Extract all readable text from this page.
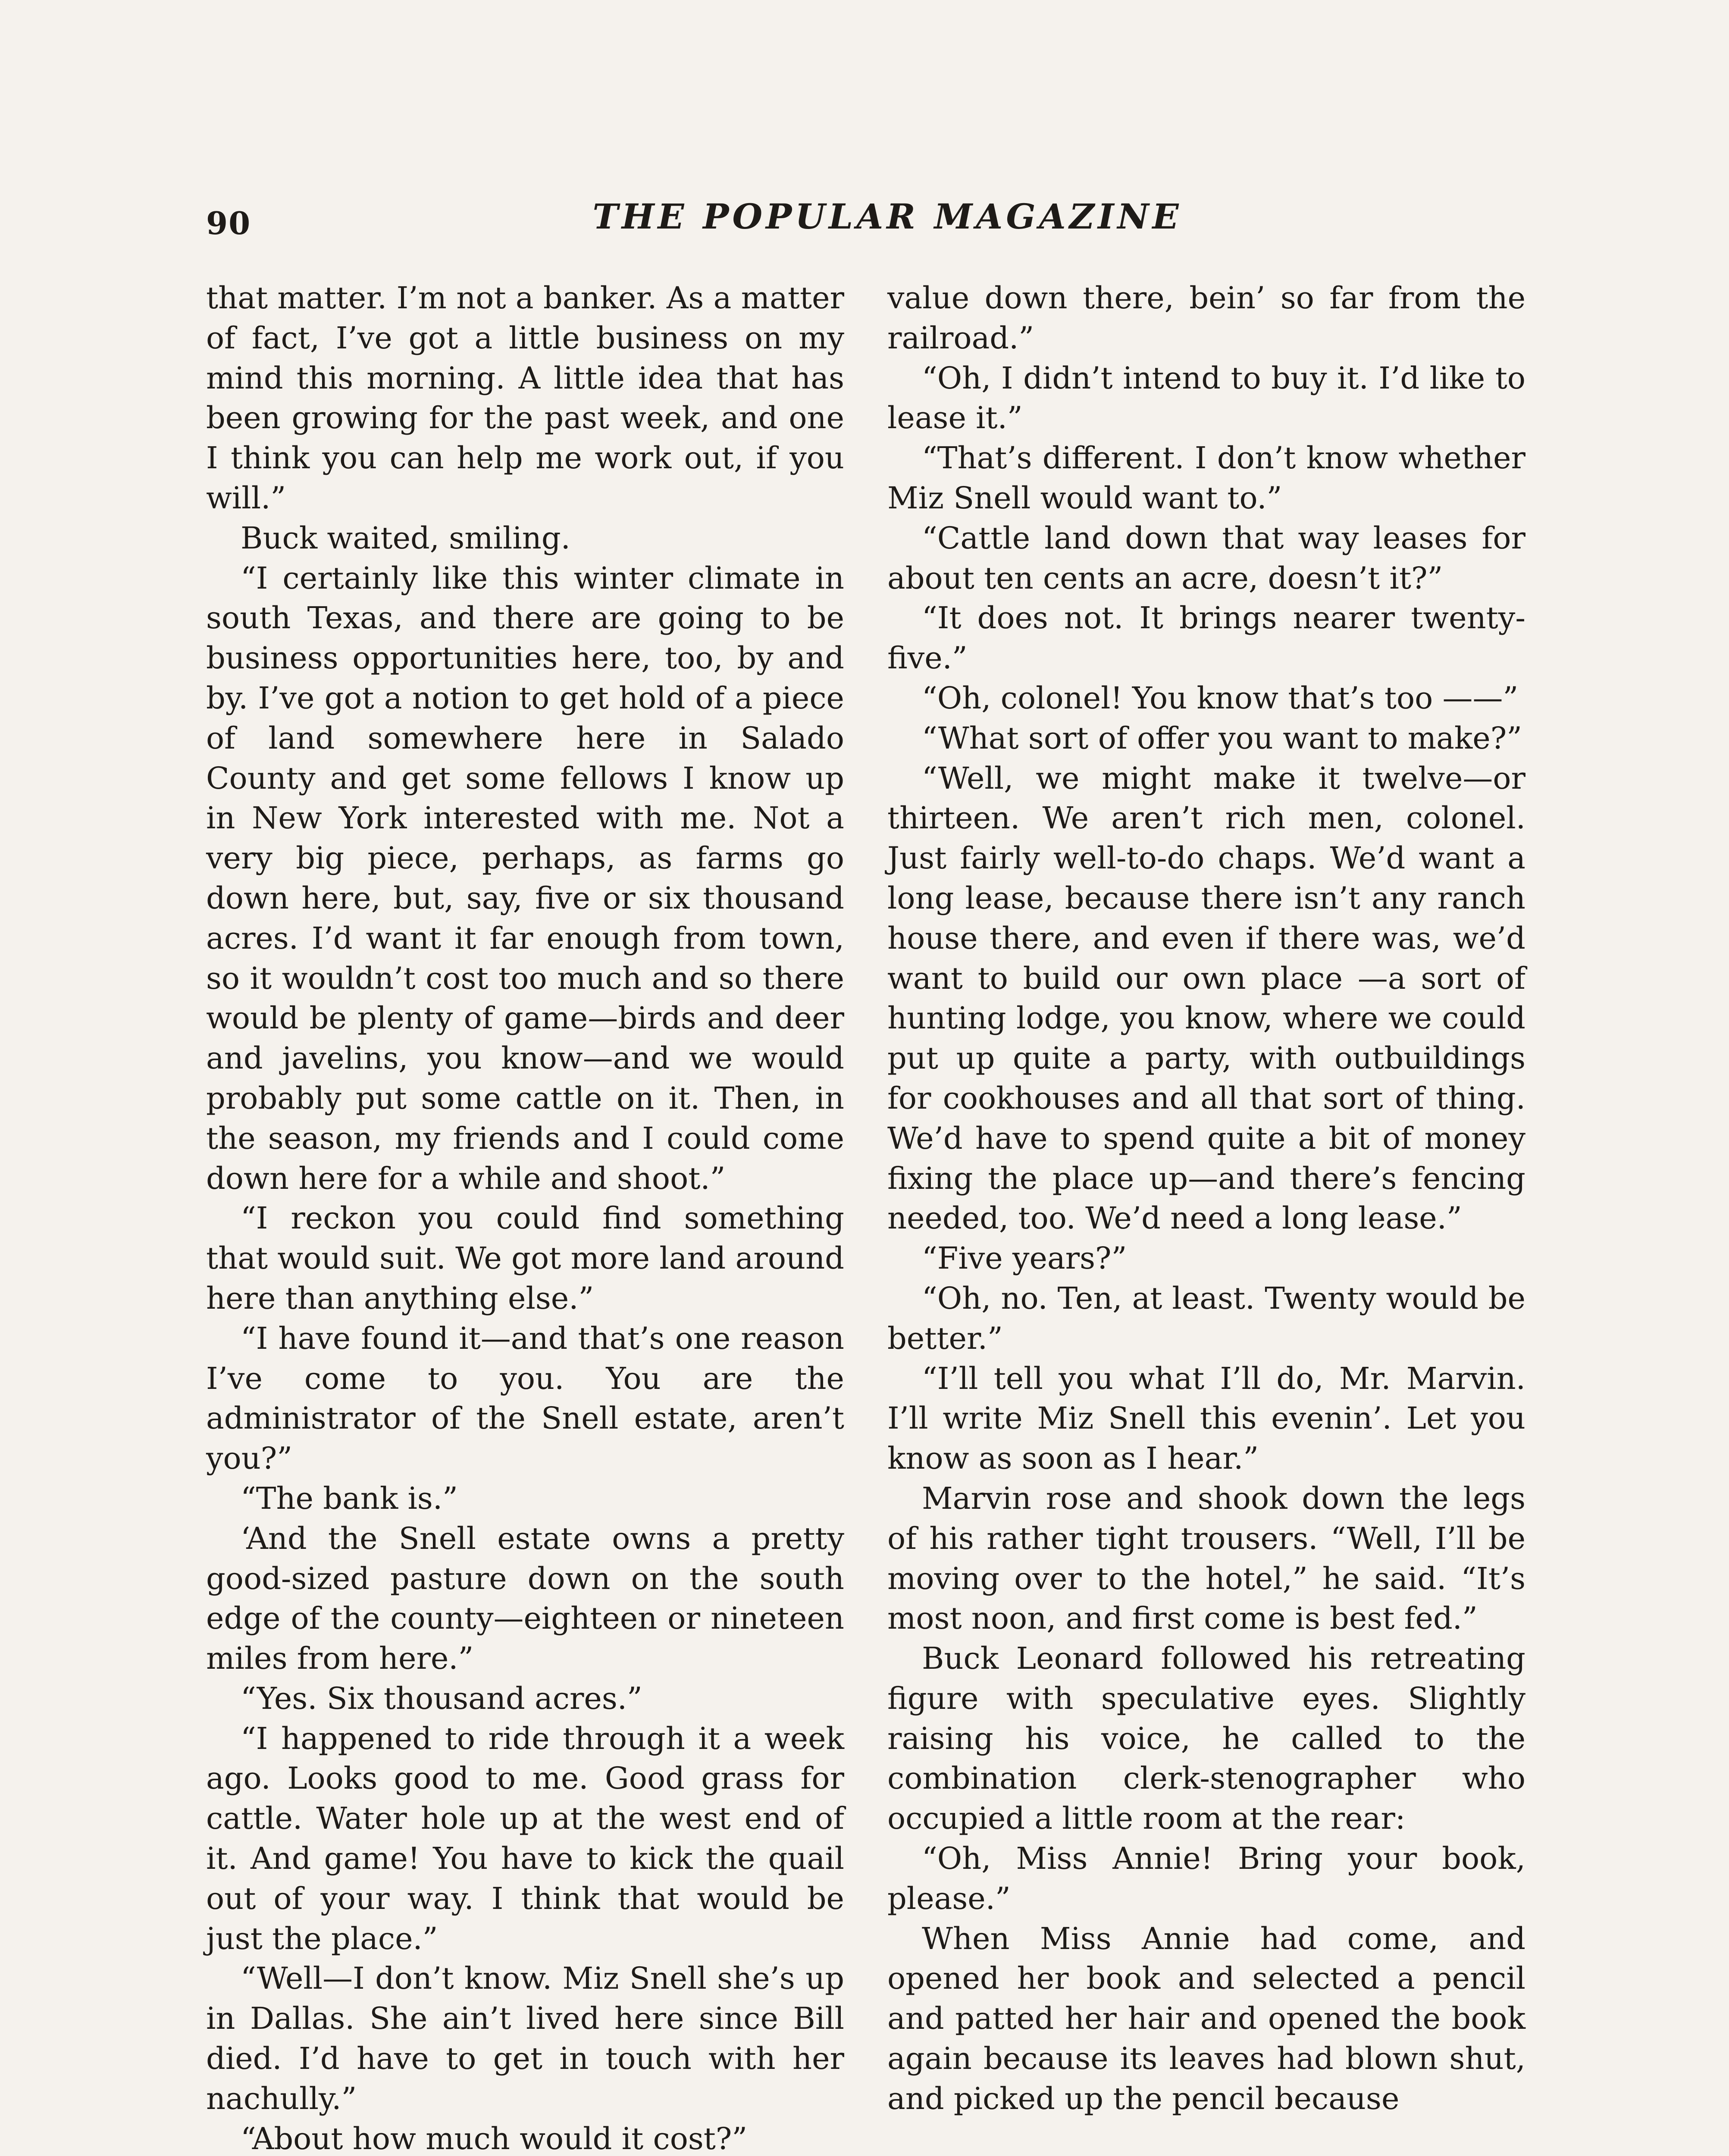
90	THE POPULAR MAGAZINE

that matter. I’m not a banker. As a matter of fact, I’ve got a little business on my mind this morning. A little idea that has been growing for the past week, and one I think you can help me work out, if you will.”

Buck waited, smiling.

“I certainly like this winter climate in south Texas, and there are going to be business opportunities here, too, by and by. I’ve got a notion to get hold of a piece of land somewhere here in Salado County and get some fellows I know up in New York interested with me. Not a very big piece, perhaps, as farms go down here, but, say, five or six thousand acres. I’d want it far enough from town, so it wouldn’t cost too much and so there would be plenty of game—birds and deer and javelins, you know—and we would probably put some cattle on it. Then, in the season, my friends and I could come down here for a while and shoot.”

“I reckon you could find something that would suit. We got more land around here than anything else.”

“I have found it—and that’s one reason I’ve come to you. You are the administrator of the Snell estate, aren’t you?”

“The bank is.”

‘And the Snell estate owns a pretty good-sized pasture down on the south edge of the county—eighteen or nineteen miles from here.”

“Yes. Six thousand acres.”

“I happened to ride through it a week ago. Looks good to me. Good grass for cattle. Water hole up at the west end of it. And game! You have to kick the quail out of your way. I think that would be just the place.”

“Well—I don’t know. Miz Snell she’s up in Dallas. She ain’t lived here since Bill died. I’d have to get in touch with her nachully.”

“About how much would it cost?”

value down there, bein’ so far from the railroad.”

“Oh, I didn’t intend to buy it. I’d like to lease it.”

“That’s different. I don’t know whether Miz Snell would want to.”

“Cattle land down that way leases for about ten cents an acre, doesn’t it?”

“It does not. It brings nearer twenty-five.”

“Oh, colonel! You know that’s too ——”

“What sort of offer you want to make?”

“Well, we might make it twelve—or thirteen. We aren’t rich men, colonel. Just fairly well-to-do chaps. We’d want a long lease, because there isn’t any ranch house there, and even if there was, we’d want to build our own place —a sort of hunting lodge, you know, where we could put up quite a party, with outbuildings for cookhouses and all that sort of thing. We’d have to spend quite a bit of money fixing the place up—and there’s fencing needed, too. We’d need a long lease.”

“Five years?”

“Oh, no. Ten, at least. Twenty would be better.”

“I’ll tell you what I’ll do, Mr. Marvin. I’ll write Miz Snell this evenin’. Let you know as soon as I hear.”

Marvin rose and shook down the legs of his rather tight trousers. “Well, I’ll be moving over to the hotel,” he said. “It’s most noon, and first come is best fed.”

Buck Leonard followed his retreating figure with speculative eyes. Slightly raising his voice, he called to the combination clerk-stenographer who occupied a little room at the rear:

“Oh, Miss Annie! Bring your book, please.”

When Miss Annie had come, and opened her book and selected a pencil and patted her hair and opened the book again because its leaves had blown shut, and picked up the pencil because
